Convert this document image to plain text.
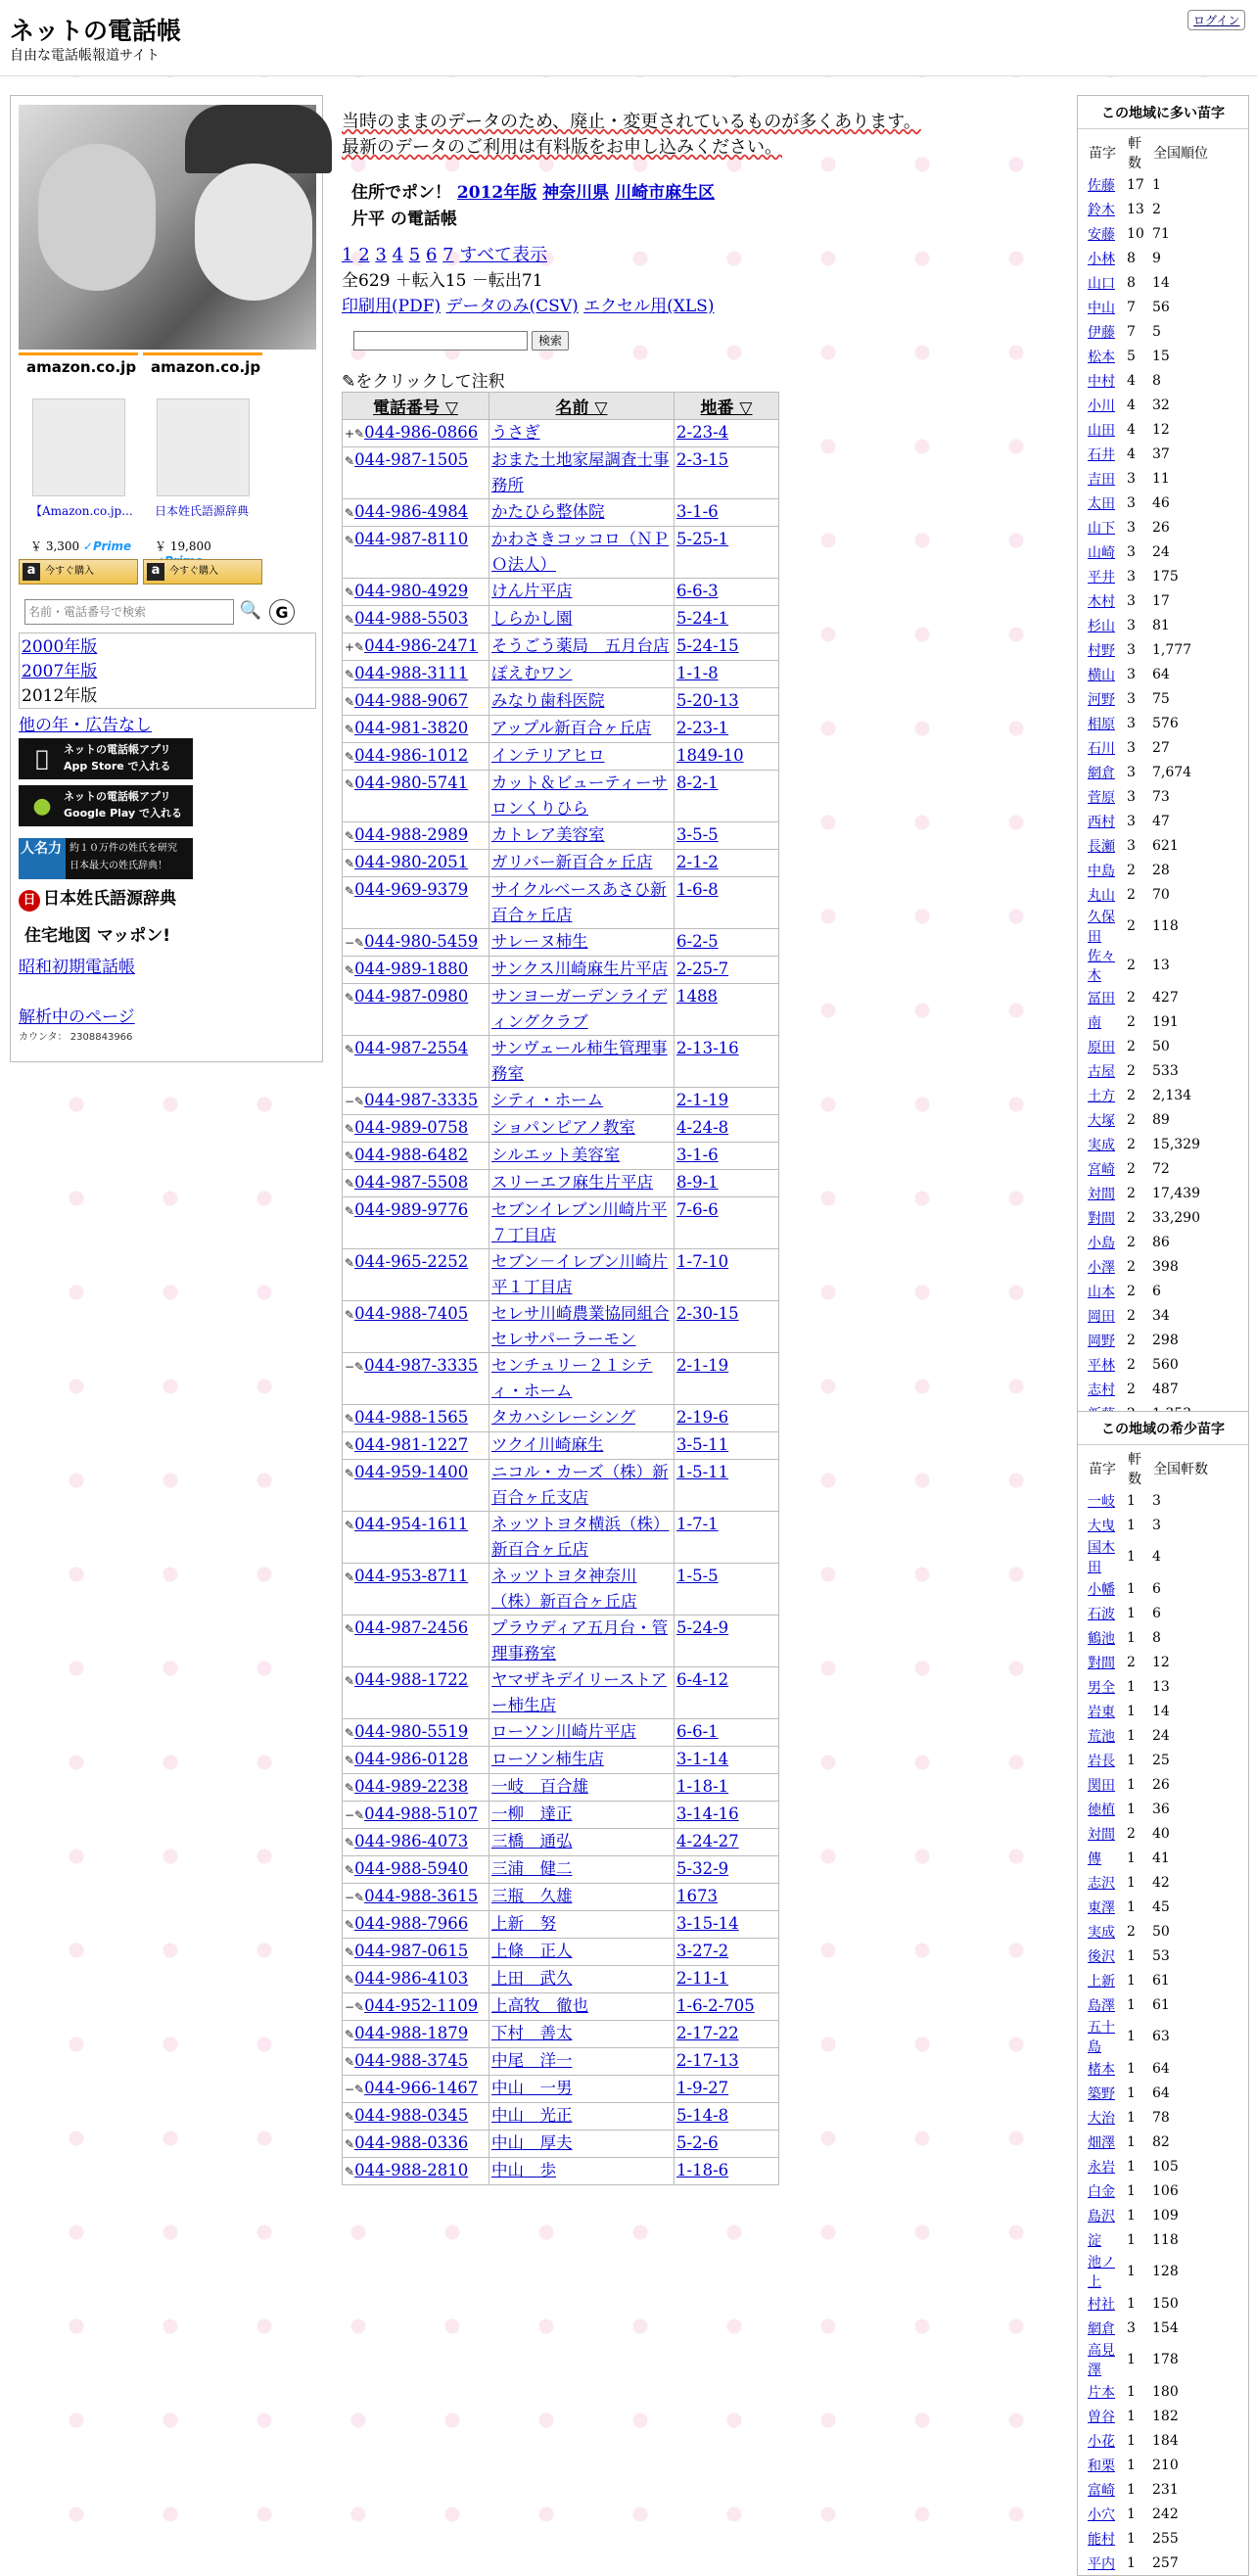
ネットの電話帳
自由な電話帳報道サイト
ログイン
amazon.co.jp
【Amazon.co.jp...
￥ 3,300 ✓Prime
a 今すぐ購入
amazon.co.jp
日本姓氏語源辞典
￥ 19,800
a 今すぐ購入
名前・電話番号で検索
🔍 G
2000年版
2007年版
2012年版
他の年・広告なし
ネットの電話帳アプリ
App Store で入れる
●	ネットの電話帳アプリ
Google Play で入れる
人名力 約１０万件の姓氏を研究
日本最大の姓氏辞典！
日 日本姓氏語源辞典
住宅地図 マッポン!
昭和初期電話帳
解析中のページ
カウンタ： 2308843966
当時のままのデータのため、廃止・変更されているものが多くあります。最新のデータのご利用は有料版をお申し込みください。
住所でポン！ 2012年版 神奈川県 川崎市麻生区
片平 の電話帳
1 2 3 4 5 6 7 すべて表示
全629 ＋転入15 －転出71
印刷用(PDF) データのみ(CSV) エクセル用(XLS)
検索
✎をクリックして注釈
電話番号 ▽	名前 ▽	地番 ▽
+✎044-986-0866	うさぎ	2-23-4
✎044-987-1505	おまた土地家屋調査士事務所	2-3-15
✎044-986-4984	かたひら整体院	3-1-6
✎044-987-8110	かわさきコッコロ（ＮＰＯ法人）	5-25-1
✎044-980-4929	けん片平店	6-6-3
✎044-988-5503	しらかし園	5-24-1
+✎044-986-2471	そうごう薬局　五月台店	5-24-15
✎044-988-3111	ぽえむワン	1-1-8
✎044-988-9067	みなり歯科医院	5-20-13
✎044-981-3820	アップル新百合ヶ丘店	2-23-1
✎044-986-1012	インテリアヒロ	1849-10
✎044-980-5741	カット＆ビューティーサロンくりひら	8-2-1
✎044-988-2989	カトレア美容室	3-5-5
✎044-980-2051	ガリバー新百合ヶ丘店	2-1-2
✎044-969-9379	サイクルベースあさひ新百合ヶ丘店	1-6-8
−✎044-980-5459	サレーヌ柿生	6-2-5
✎044-989-1880	サンクス川崎麻生片平店	2-25-7
✎044-987-0980	サンヨーガーデンライディングクラブ	1488
✎044-987-2554	サンヴェール柿生管理事務室	2-13-16
−✎044-987-3335	シティ・ホーム	2-1-19
✎044-989-0758	ショパンピアノ教室	4-24-8
✎044-988-6482	シルエット美容室	3-1-6
✎044-987-5508	スリーエフ麻生片平店	8-9-1
✎044-989-9776	セブンイレブン川崎片平７丁目店	7-6-6
✎044-965-2252	セブン－イレブン川崎片平１丁目店	1-7-10
✎044-988-7405	セレサ川崎農業協同組合セレサパーラーモン	2-30-15
−✎044-987-3335	センチュリー２１シティ・ホーム	2-1-19
✎044-988-1565	タカハシレーシング	2-19-6
✎044-981-1227	ツクイ川崎麻生	3-5-11
✎044-959-1400	ニコル・カーズ（株）新百合ヶ丘支店	1-5-11
✎044-954-1611	ネッツトヨタ横浜（株）新百合ヶ丘店	1-7-1
✎044-953-8711	ネッツトヨタ神奈川（株）新百合ヶ丘店	1-5-5
✎044-987-2456	プラウディア五月台・管理事務室	5-24-9
✎044-988-1722	ヤマザキデイリーストアー柿生店	6-4-12
✎044-980-5519	ローソン川崎片平店	6-6-1
✎044-986-0128	ローソン柿生店	3-1-14
✎044-989-2238	一岐　百合雄	1-18-1
−✎044-988-5107	一柳　達正	3-14-16
✎044-986-4073	三橋　通弘	4-24-27
✎044-988-5940	三浦　健二	5-32-9
−✎044-988-3615	三瓶　久雄	1673
✎044-988-7966	上新　努	3-15-14
✎044-987-0615	上條　正人	3-27-2
✎044-986-4103	上田　武久	2-11-1
−✎044-952-1109	上高牧　徹也	1-6-2-705
✎044-988-1879	下村　善太	2-17-22
✎044-988-3745	中尾　洋一	2-17-13
−✎044-966-1467	中山　一男	1-9-27
✎044-988-0345	中山　光正	5-14-8
✎044-988-0336	中山　厚夫	5-2-6
✎044-988-2810	中山　歩	1-18-6
この地域に多い苗字
苗字	軒数	全国順位
佐藤	17	1
鈴木	13	2
安藤	10	71
小林	8	9
山口	8	14
中山	7	56
伊藤	7	5
松本	5	15
中村	4	8
小川	4	32
山田	4	12
石井	4	37
吉田	3	11
太田	3	46
山下	3	26
山崎	3	24
平井	3	175
木村	3	17
杉山	3	81
村野	3	1,777
横山	3	64
河野	3	75
相原	3	576
石川	3	27
網倉	3	7,674
菅原	3	73
西村	3	47
長瀬	3	621
中島	2	28
丸山	2	70
久保田	2	118
佐々木	2	13
冨田	2	427
南	2	191
原田	2	50
古屋	2	533
土方	2	2,134
大塚	2	89
実成	2	15,329
宮崎	2	72
対間	2	17,439
對間	2	33,290
小島	2	86
小澤	2	398
山本	2	6
岡田	2	34
岡野	2	298
平林	2	560
志村	2	487

この地域の希少苗字
苗字	軒数	全国軒数
一岐	1	3
大曳	1	3
国木田	1	4
小幡	1	6
石波	1	6
鶴池	1	8
對間	2	12
男全	1	13
岩東	1	14
荒池	1	24
岩長	1	25
関田	1	26
徳植	1	36
対間	2	40
傳	1	41
志沢	1	42
東澤	1	45
実成	2	50
後沢	1	53
上新	1	61
島澤	1	61
五十島	1	63
楮本	1	64
築野	1	64
大治	1	78
畑澤	1	82
永岩	1	105
白金	1	106
島沢	1	109
淀	1	118
池ノ上	1	128
村社	1	150
網倉	3	154
高見澤	1	178
片本	1	180
曽谷	1	182
小花	1	184
和栗	1	210
富崎	1	231
小穴	1	242
能村	1	255
平内	1	257
